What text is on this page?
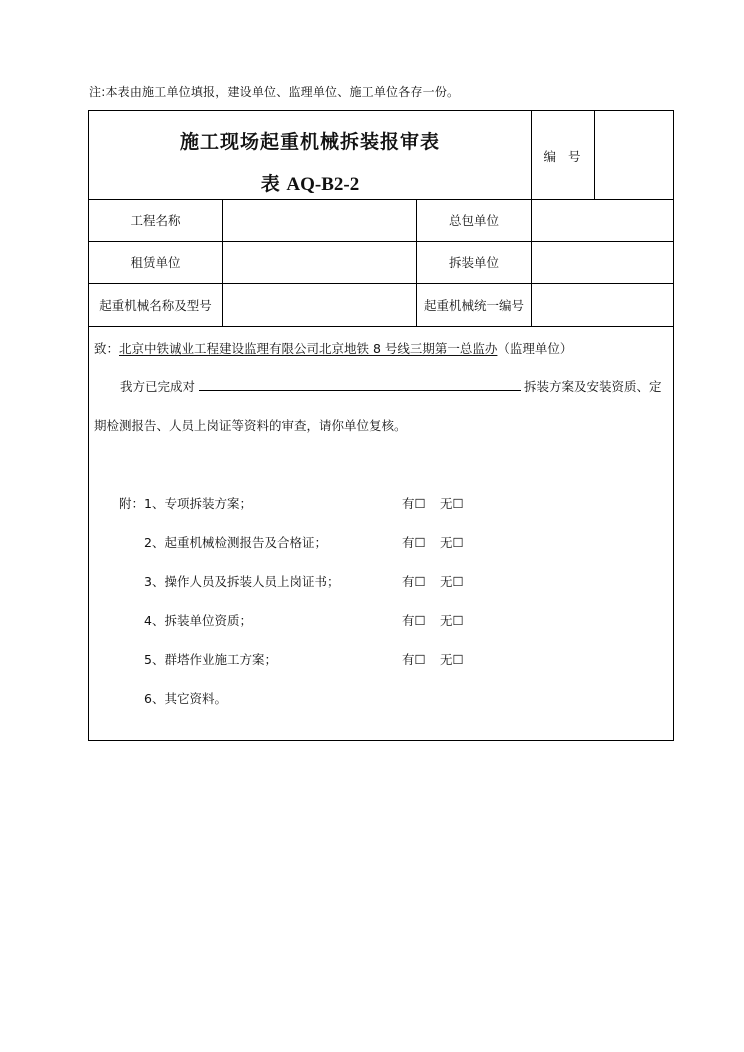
注:本表由施工单位填报，建设单位、监理单位、施工单位各存一份。
施工现场起重机械拆装报审表
表 AQ-B2-2
编 号
工程名称	总包单位
租赁单位	拆装单位
起重机械名称及型号	起重机械统一编号
致：北京中铁诚业工程建设监理有限公司北京地铁 8 号线三期第一总监办（监理单位）
我方已完成对	拆装方案及安装资质、定
期检测报告、人员上岗证等资料的审查，请你单位复核。
附：1、专项拆装方案；	有☐ 无☐
2、起重机械检测报告及合格证；	有☐ 无☐
3、操作人员及拆装人员上岗证书；	有☐ 无☐
4、拆装单位资质；	有☐ 无☐
5、群塔作业施工方案；	有☐ 无☐
6、其它资料。
